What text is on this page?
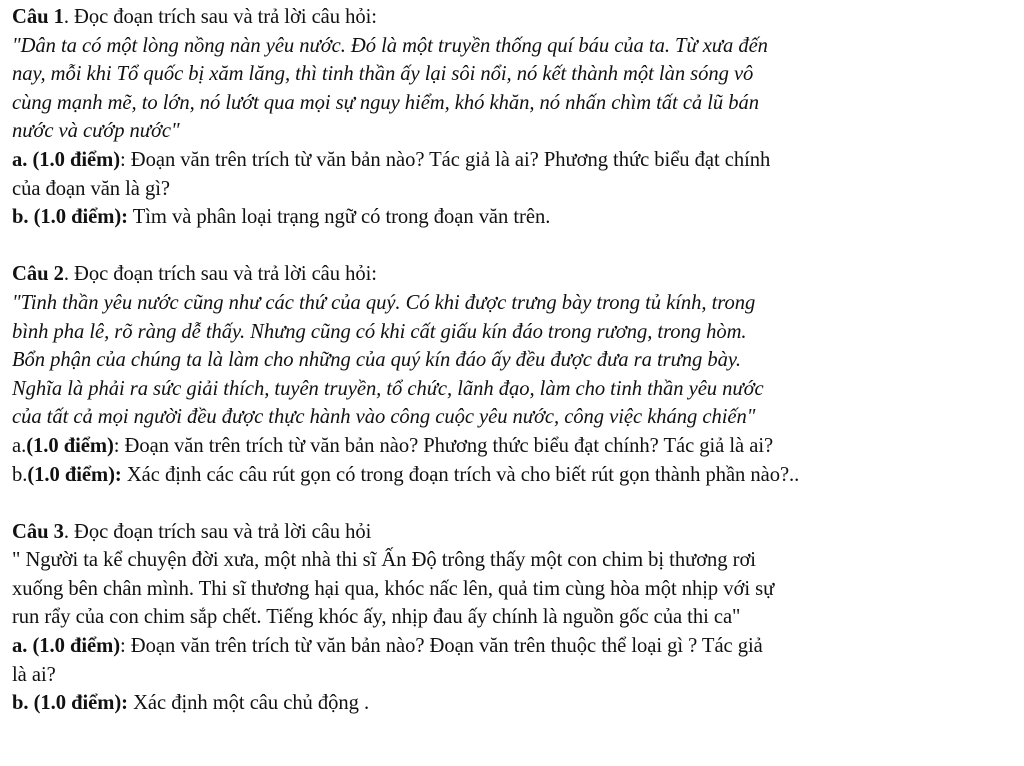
Câu 1. Đọc đoạn trích sau và trả lời câu hỏi:
"Dân ta có một lòng nồng nàn yêu nước. Đó là một truyền thống quí báu của ta. Từ xưa đến
nay, mỗi khi Tổ quốc bị xăm lăng, thì tinh thần ấy lại sôi nổi, nó kết thành một làn sóng vô
cùng mạnh mẽ, to lớn, nó lướt qua mọi sự nguy hiểm, khó khăn, nó nhấn chìm tất cả lũ bán
nước và cướp nước"
a. (1.0 điểm): Đoạn văn trên trích từ văn bản nào? Tác giả là ai? Phương thức biểu đạt chính
của đoạn văn là gì?
b. (1.0 điểm): Tìm và phân loại trạng ngữ có trong đoạn văn trên.
Câu 2. Đọc đoạn trích sau và trả lời câu hỏi:
"Tinh thần yêu nước cũng như các thứ của quý. Có khi được trưng bày trong tủ kính, trong
bình pha lê, rõ ràng dễ thấy. Nhưng cũng có khi cất giấu kín đáo trong rương, trong hòm.
Bổn phận của chúng ta là làm cho những của quý kín đáo ấy đều được đưa ra trưng bày.
Nghĩa là phải ra sức giải thích, tuyên truyền, tổ chức, lãnh đạo, làm cho tinh thần yêu nước
của tất cả mọi người đều được thực hành vào công cuộc yêu nước, công việc kháng chiến"
a.(1.0 điểm): Đoạn văn trên trích từ văn bản nào? Phương thức biểu đạt chính? Tác giả là ai?
b.(1.0 điểm): Xác định các câu rút gọn có trong đoạn trích và cho biết rút gọn thành phần nào?..
Câu 3. Đọc đoạn trích sau và trả lời câu hỏi
" Người ta kể chuyện đời xưa, một nhà thi sĩ Ấn Độ trông thấy một con chim bị thương rơi
xuống bên chân mình. Thi sĩ thương hại qua, khóc nấc lên, quả tim cùng hòa một nhịp với sự
run rẩy của con chim sắp chết. Tiếng khóc ấy, nhịp đau ấy chính là nguồn gốc của thi ca"
a. (1.0 điểm): Đoạn văn trên trích từ văn bản nào? Đoạn văn trên thuộc thể loại gì ? Tác giả
là ai?
b. (1.0 điểm): Xác định một câu chủ động .
